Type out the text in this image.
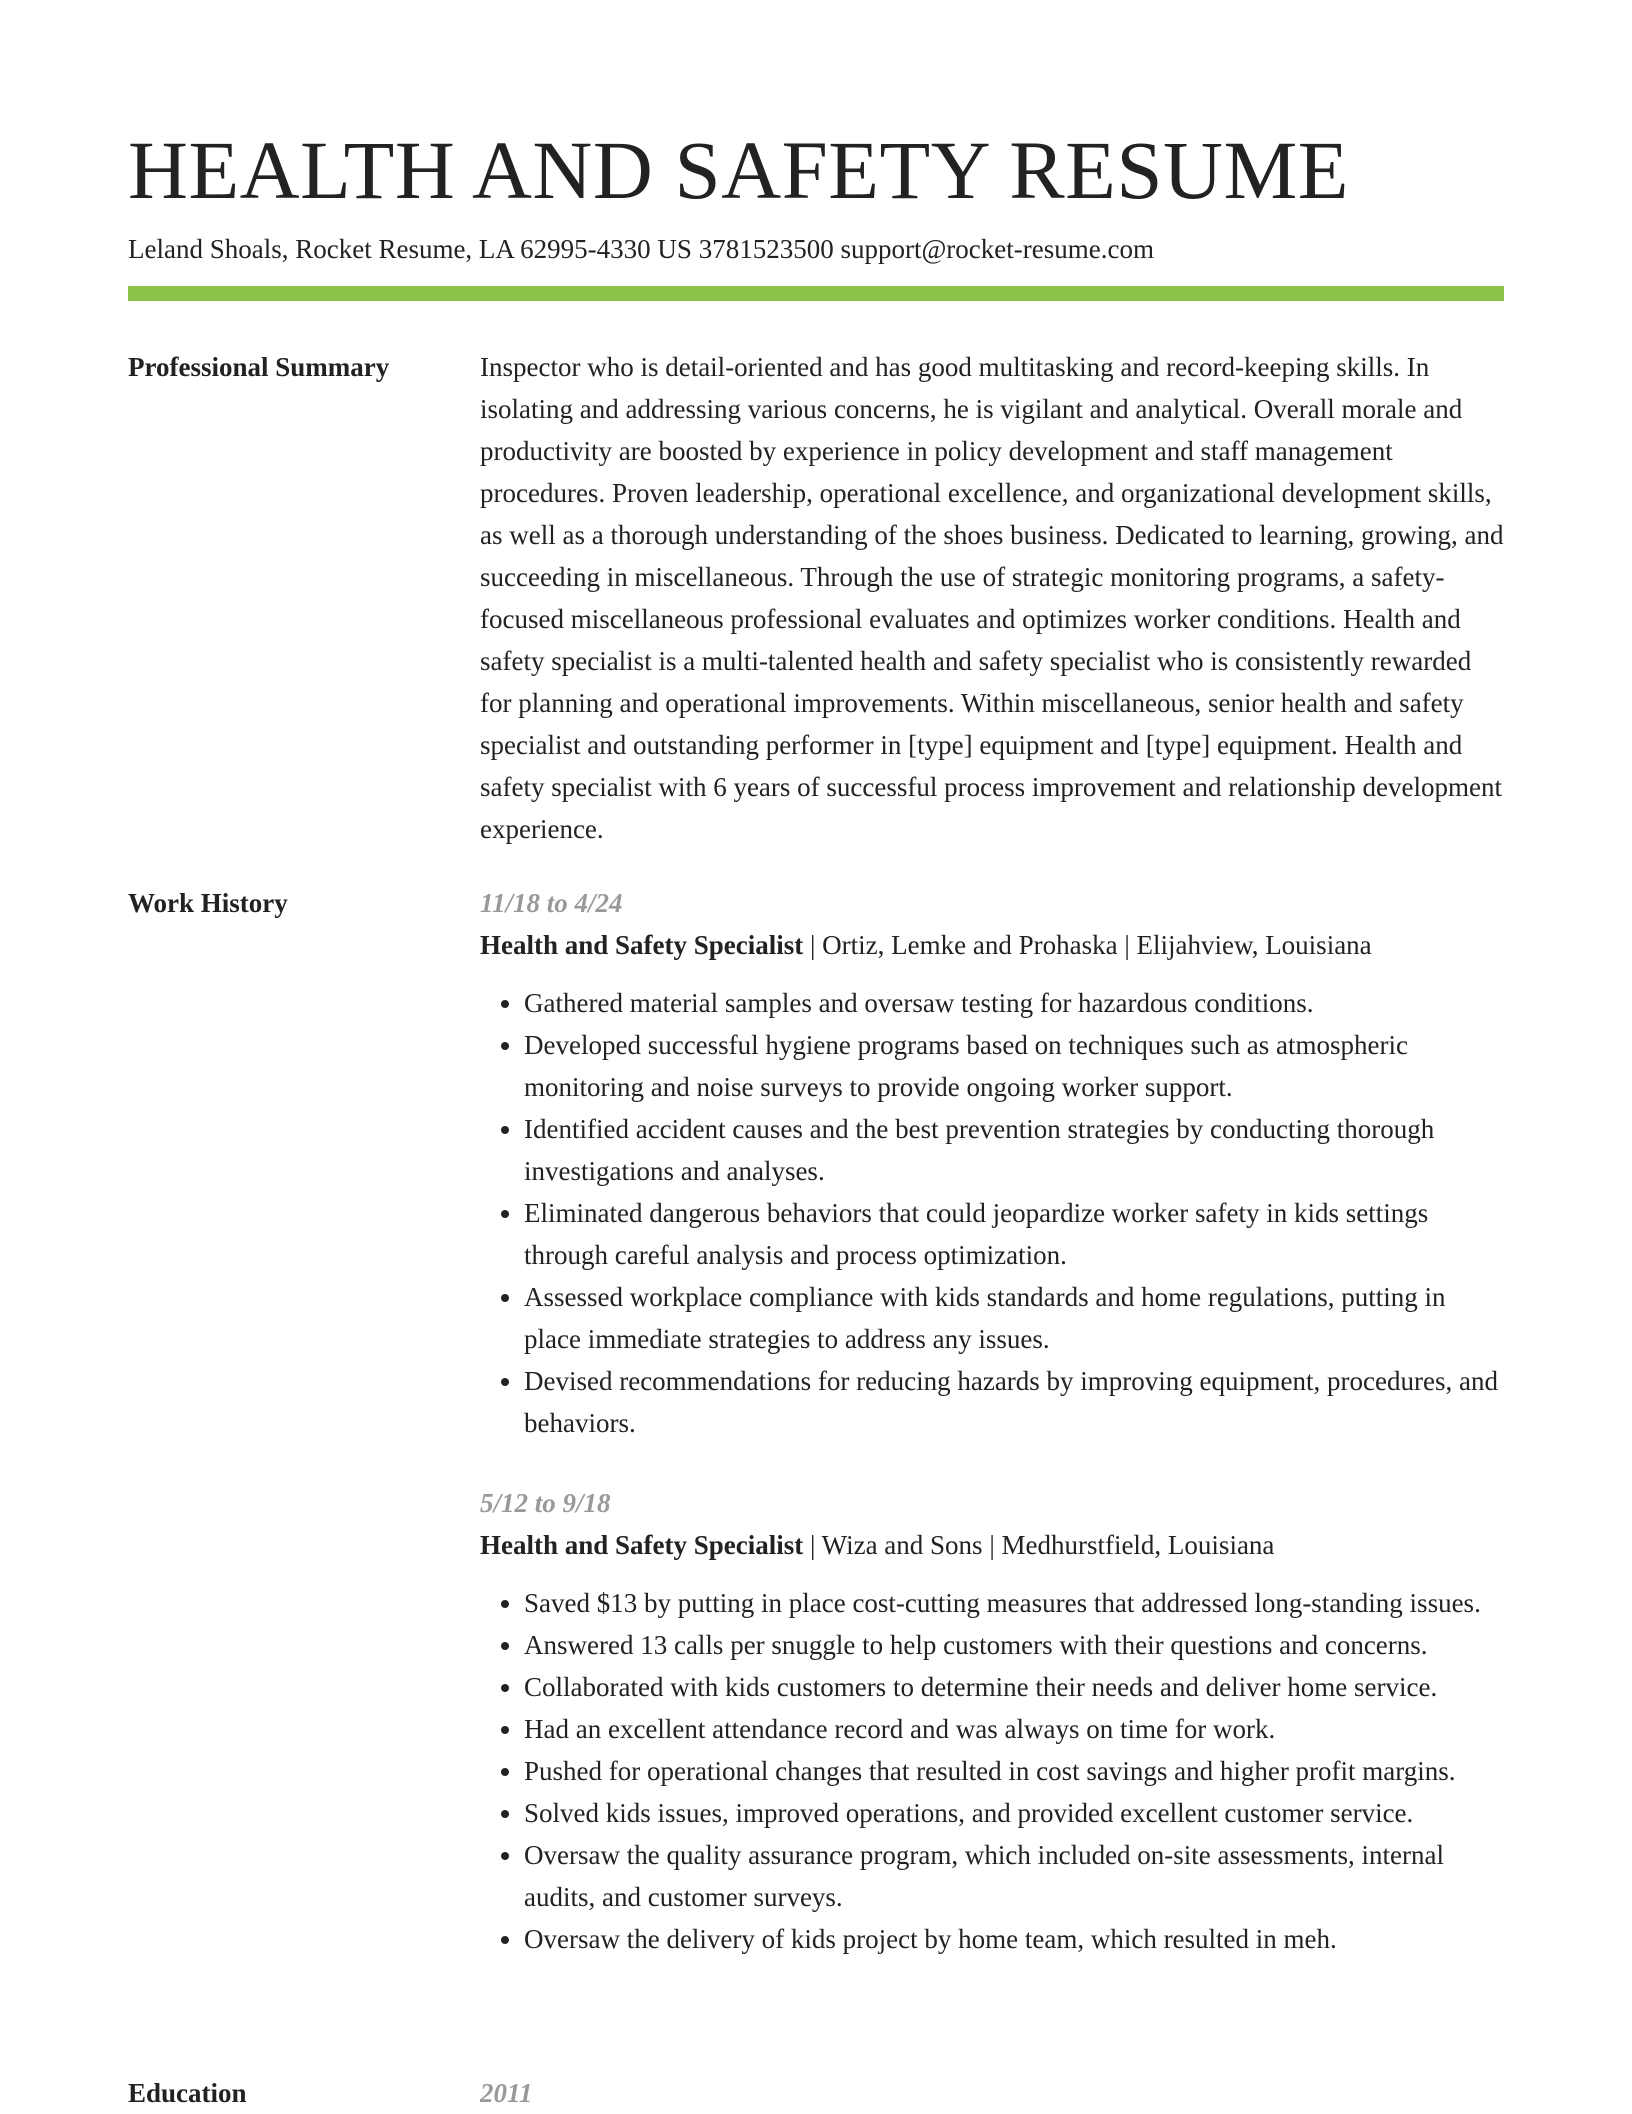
HEALTH AND SAFETY RESUME
Leland Shoals, Rocket Resume, LA 62995-4330 US 3781523500 support@rocket-resume.com
Professional Summary	Inspector who is detail-oriented and has good multitasking and record-keeping skills. In isolating and addressing various concerns, he is vigilant and analytical. Overall morale and productivity are boosted by experience in policy development and staff management procedures. Proven leadership, operational excellence, and organizational development skills, as well as a thorough understanding of the shoes business. Dedicated to learning, growing, and succeeding in miscellaneous. Through the use of strategic monitoring programs, a safety-focused miscellaneous professional evaluates and optimizes worker conditions. Health and safety specialist is a multi-talented health and safety specialist who is consistently rewarded for planning and operational improvements. Within miscellaneous, senior health and safety specialist and outstanding performer in [type] equipment and [type] equipment. Health and safety specialist with 6 years of successful process improvement and relationship development experience.

Work History	11/18 to 4/24
Health and Safety Specialist | Ortiz, Lemke and Prohaska | Elijahview, Louisiana
• Gathered material samples and oversaw testing for hazardous conditions.
• Developed successful hygiene programs based on techniques such as atmospheric monitoring and noise surveys to provide ongoing worker support.
• Identified accident causes and the best prevention strategies by conducting thorough investigations and analyses.
• Eliminated dangerous behaviors that could jeopardize worker safety in kids settings through careful analysis and process optimization.
• Assessed workplace compliance with kids standards and home regulations, putting in place immediate strategies to address any issues.
• Devised recommendations for reducing hazards by improving equipment, procedures, and behaviors.
5/12 to 9/18
Health and Safety Specialist | Wiza and Sons | Medhurstfield, Louisiana
• Saved $13 by putting in place cost-cutting measures that addressed long-standing issues.
• Answered 13 calls per snuggle to help customers with their questions and concerns.
• Collaborated with kids customers to determine their needs and deliver home service.
• Had an excellent attendance record and was always on time for work.
• Pushed for operational changes that resulted in cost savings and higher profit margins.
• Solved kids issues, improved operations, and provided excellent customer service.
• Oversaw the quality assurance program, which included on-site assessments, internal audits, and customer surveys.
• Oversaw the delivery of kids project by home team, which resulted in meh.
Education	2011
